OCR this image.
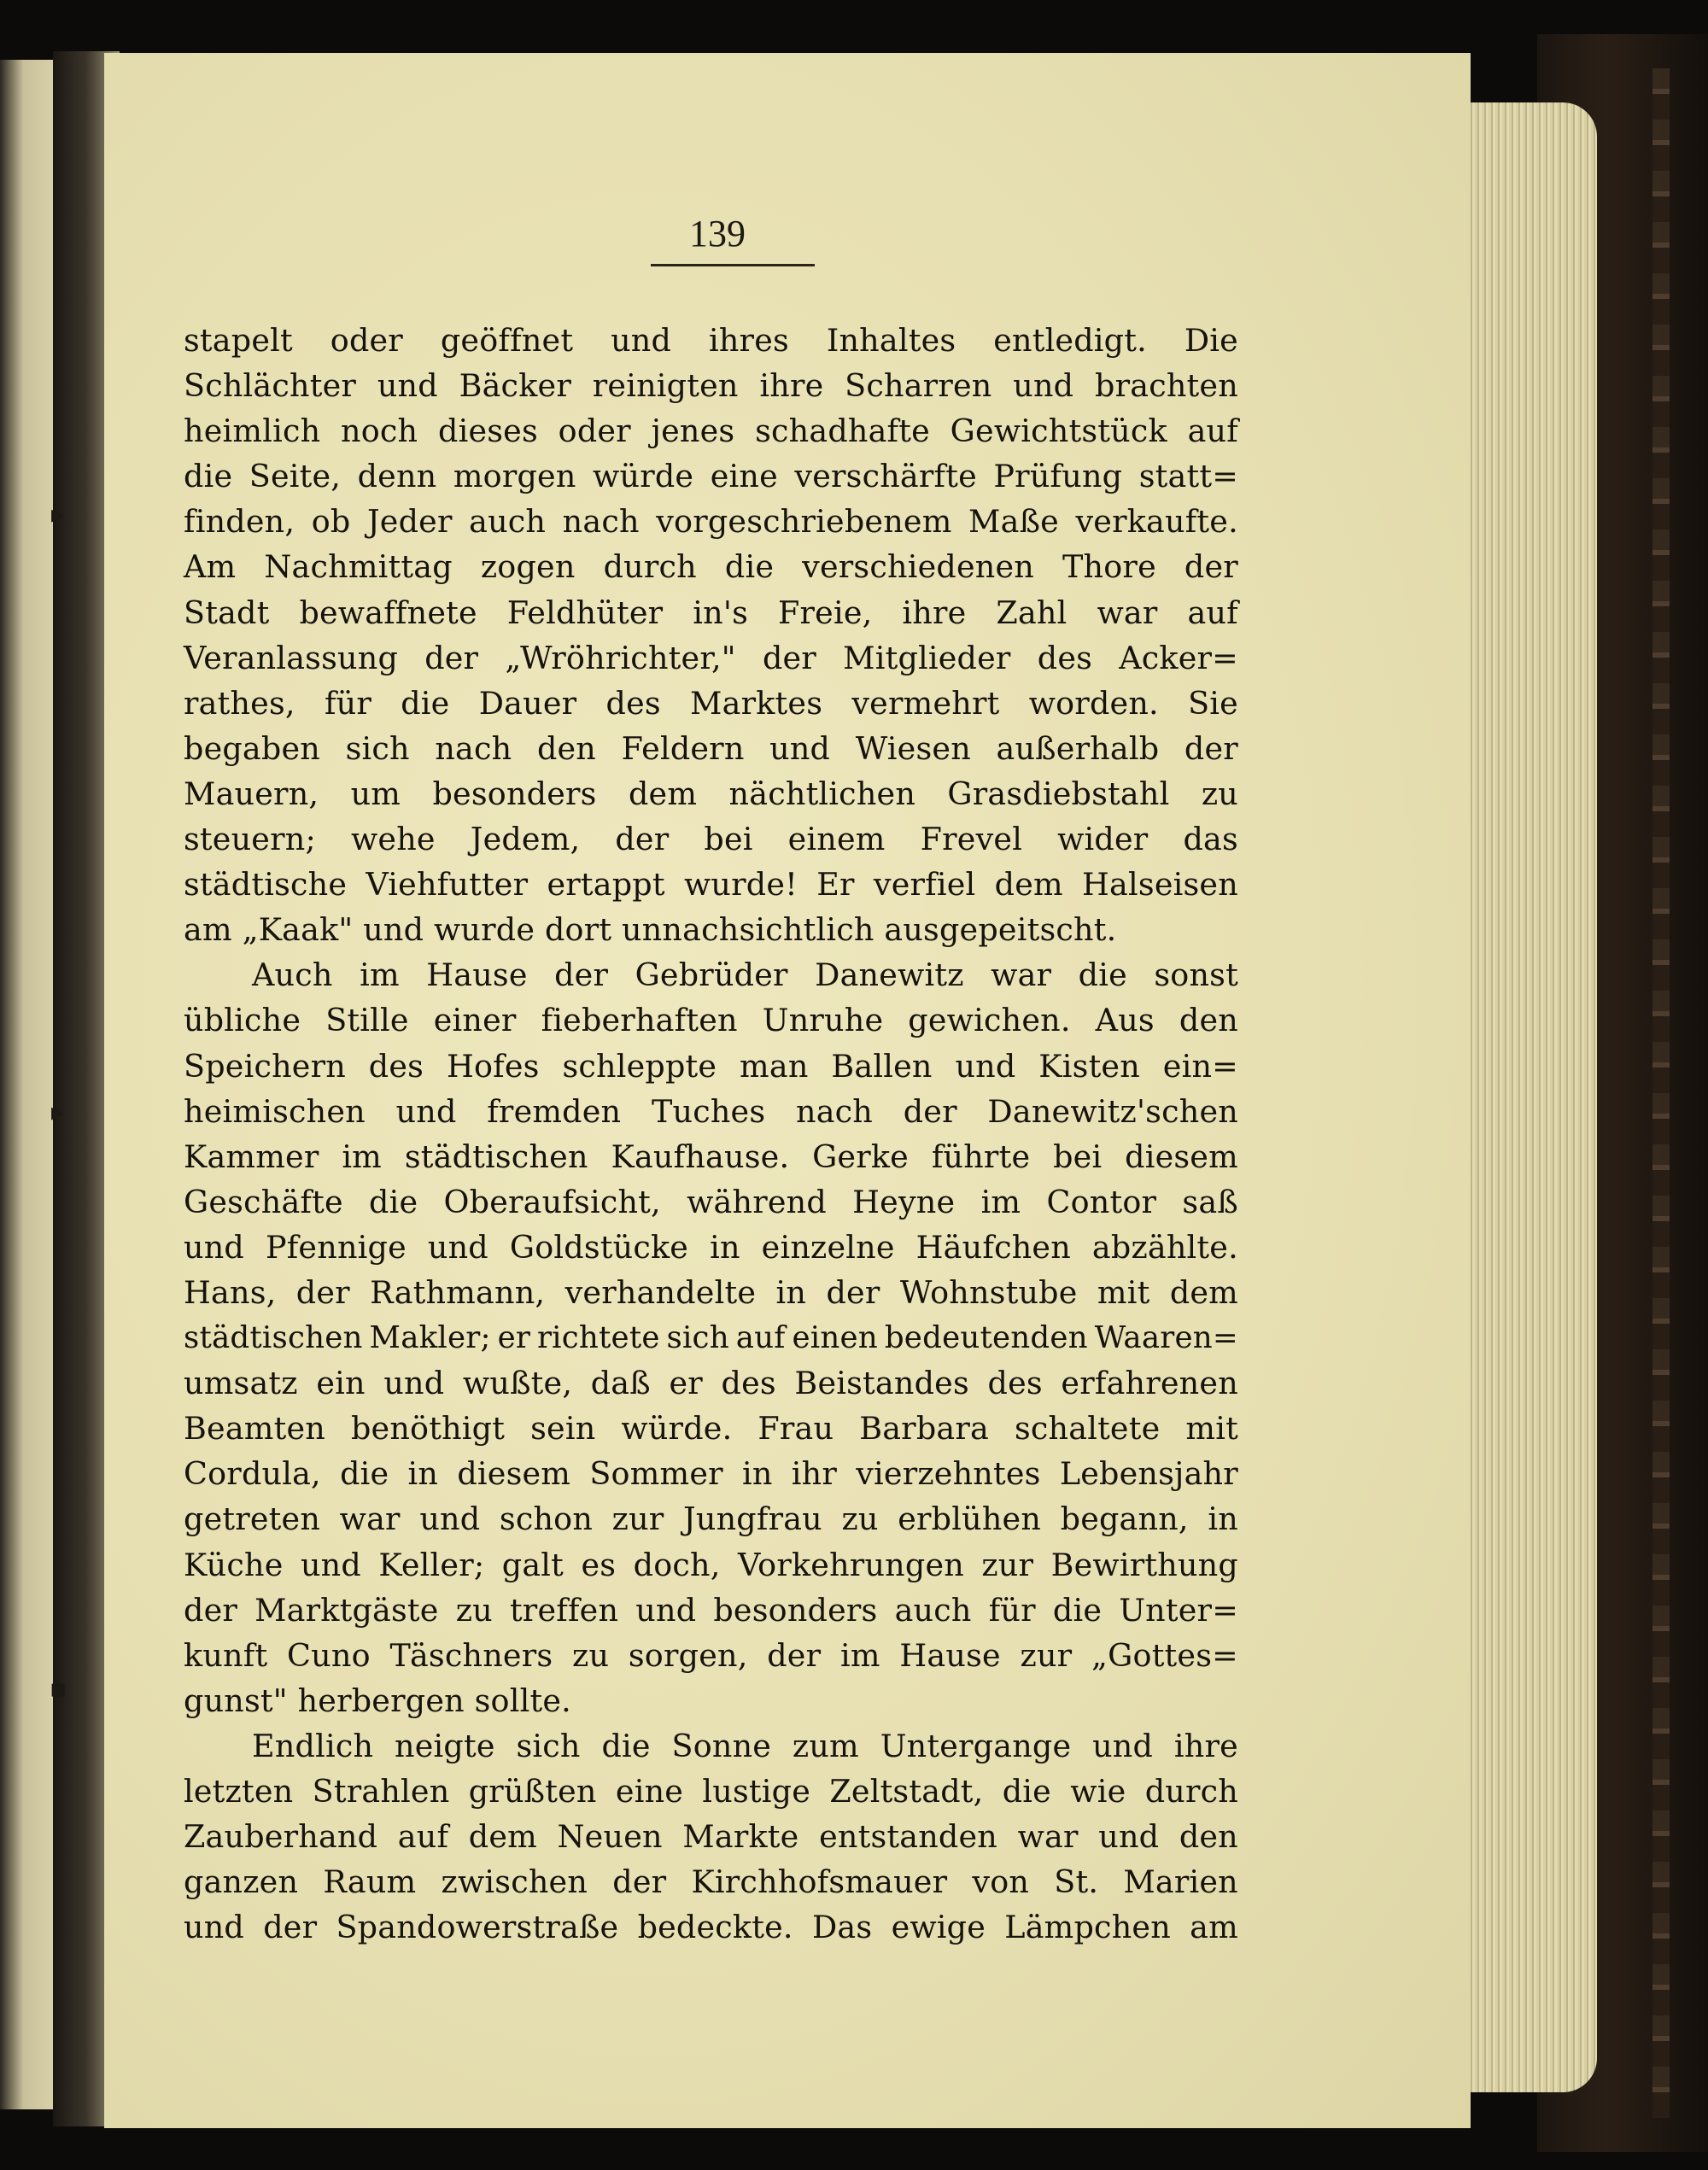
139
▸
▸
▪
stapelt oder geöffnet und ihres Inhaltes entledigt. Die
Schlächter und Bäcker reinigten ihre Scharren und brachten
heimlich noch dieses oder jenes schadhafte Gewichtstück auf
die Seite, denn morgen würde eine verschärfte Prüfung statt=
finden, ob Jeder auch nach vorgeschriebenem Maße verkaufte.
Am Nachmittag zogen durch die verschiedenen Thore der
Stadt bewaffnete Feldhüter in's Freie, ihre Zahl war auf
Veranlassung der „Wröhrichter," der Mitglieder des Acker=
rathes, für die Dauer des Marktes vermehrt worden. Sie
begaben sich nach den Feldern und Wiesen außerhalb der
Mauern, um besonders dem nächtlichen Grasdiebstahl zu
steuern; wehe Jedem, der bei einem Frevel wider das
städtische Viehfutter ertappt wurde! Er verfiel dem Halseisen
am „Kaak" und wurde dort unnachsichtlich ausgepeitscht.
Auch im Hause der Gebrüder Danewitz war die sonst
übliche Stille einer fieberhaften Unruhe gewichen. Aus den
Speichern des Hofes schleppte man Ballen und Kisten ein=
heimischen und fremden Tuches nach der Danewitz'schen
Kammer im städtischen Kaufhause. Gerke führte bei diesem
Geschäfte die Oberaufsicht, während Heyne im Contor saß
und Pfennige und Goldstücke in einzelne Häufchen abzählte.
Hans, der Rathmann, verhandelte in der Wohnstube mit dem
städtischen Makler; er richtete sich auf einen bedeutenden Waaren=
umsatz ein und wußte, daß er des Beistandes des erfahrenen
Beamten benöthigt sein würde. Frau Barbara schaltete mit
Cordula, die in diesem Sommer in ihr vierzehntes Lebensjahr
getreten war und schon zur Jungfrau zu erblühen begann, in
Küche und Keller; galt es doch, Vorkehrungen zur Bewirthung
der Marktgäste zu treffen und besonders auch für die Unter=
kunft Cuno Täschners zu sorgen, der im Hause zur „Gottes=
gunst" herbergen sollte.
Endlich neigte sich die Sonne zum Untergange und ihre
letzten Strahlen grüßten eine lustige Zeltstadt, die wie durch
Zauberhand auf dem Neuen Markte entstanden war und den
ganzen Raum zwischen der Kirchhofsmauer von St. Marien
und der Spandowerstraße bedeckte. Das ewige Lämpchen am
